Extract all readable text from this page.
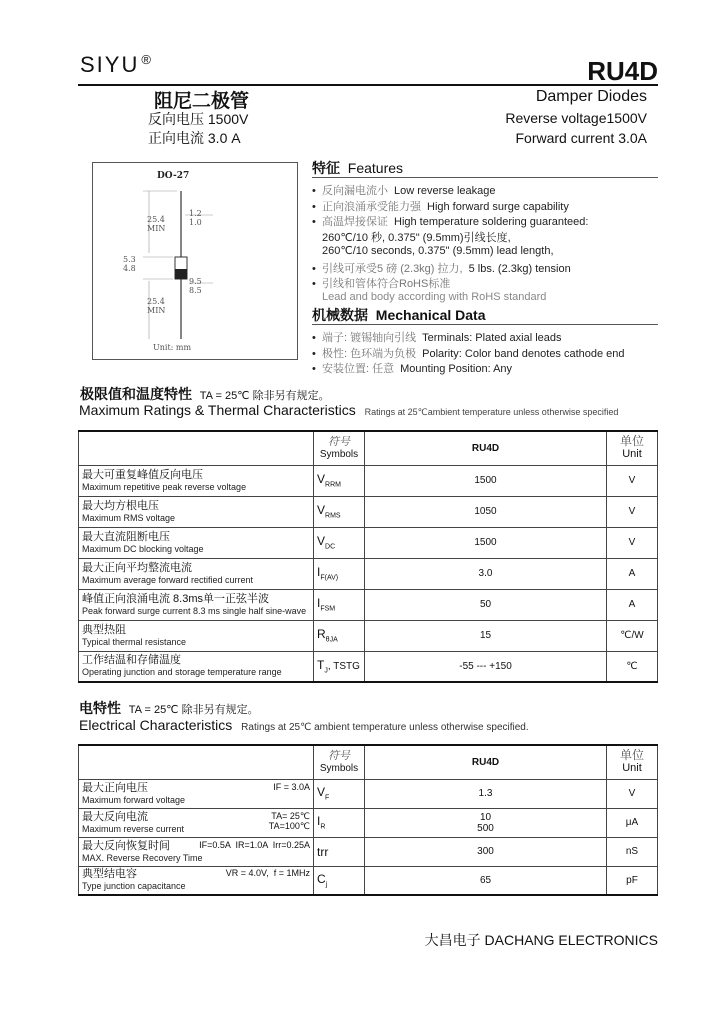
SIYU ®	RU4D
阻尼二极管
反向电压 1500V
正向电流 3.0 A
Damper Diodes
Reverse voltage1500V
Forward current 3.0A
DO-27
25.4
MIN
1.2
1.0
5.3
4.8
9.5
8.5
25.4
MIN
Unit: mm
特征 Features
• 反向漏电流小 Low reverse leakage
• 正向浪涌承受能力强 High forward surge capability
• 高温焊接保证 High temperature soldering guaranteed:
260℃/10 秒, 0.375" (9.5mm)引线长度,
260℃/10 seconds, 0.375" (9.5mm) lead length,
• 引线可承受5 磅 (2.3kg) 拉力, 5 lbs. (2.3kg) tension
• 引线和管体符合RoHS标准
Lead and body according with RoHS standard
机械数据 Mechanical Data
• 端子: 镀锡轴向引线 Terminals: Plated axial leads
• 极性: 色环端为负极 Polarity: Color band denotes cathode end
• 安装位置: 任意 Mounting Position: Any
极限值和温度特性 TA = 25℃ 除非另有规定。
Maximum Ratings & Thermal Characteristics Ratings at 25℃ambient temperature unless otherwise specified

	符号
Symbols	RU4D	单位
Unit

最大可重复峰值反向电压
Maximum repetitive peak reverse voltage	$V_{RRM}$	1500	V

最大均方根电压
Maximum RMS voltage	$V_{RMS}$	1050	V

最大直流阻断电压
Maximum DC blocking voltage	$V_{DC}$	1500	V

最大正向平均整流电流
Maximum average forward rectified current	$I_{F(AV)}$	3.0	A

峰值正向浪涌电流 8.3ms单一正弦半波
Peak forward surge current 8.3 ms single half sine-wave	$I_{FSM}$	50	A

典型热阻
Typical thermal resistance	$R_{\theta JA}$	15	℃/W

工作结温和存储温度
Operating junction and storage temperature range	$T_J$, TSTG	-55 --- +150	℃
电特性 TA = 25℃ 除非另有规定。
Electrical Characteristics Ratings at 25℃ ambient temperature unless otherwise specified.

	符号
Symbols	RU4D	单位
Unit

IF = 3.0A
最大正向电压
Maximum forward voltage	$V_F$	1.3	V

TA= 25℃
TA=100℃
最大反向电流
Maximum reverse current	$I_R$	10
500	μA

IF=0.5A  IR=1.0A  Irr=0.25A
最大反向恢复时间
MAX. Reverse Recovery Time	trr	300	nS

VR = 4.0V,  f = 1MHz
典型结电容
Type junction capacitance	$C_j$	65	pF
大昌电子 DACHANG ELECTRONICS
